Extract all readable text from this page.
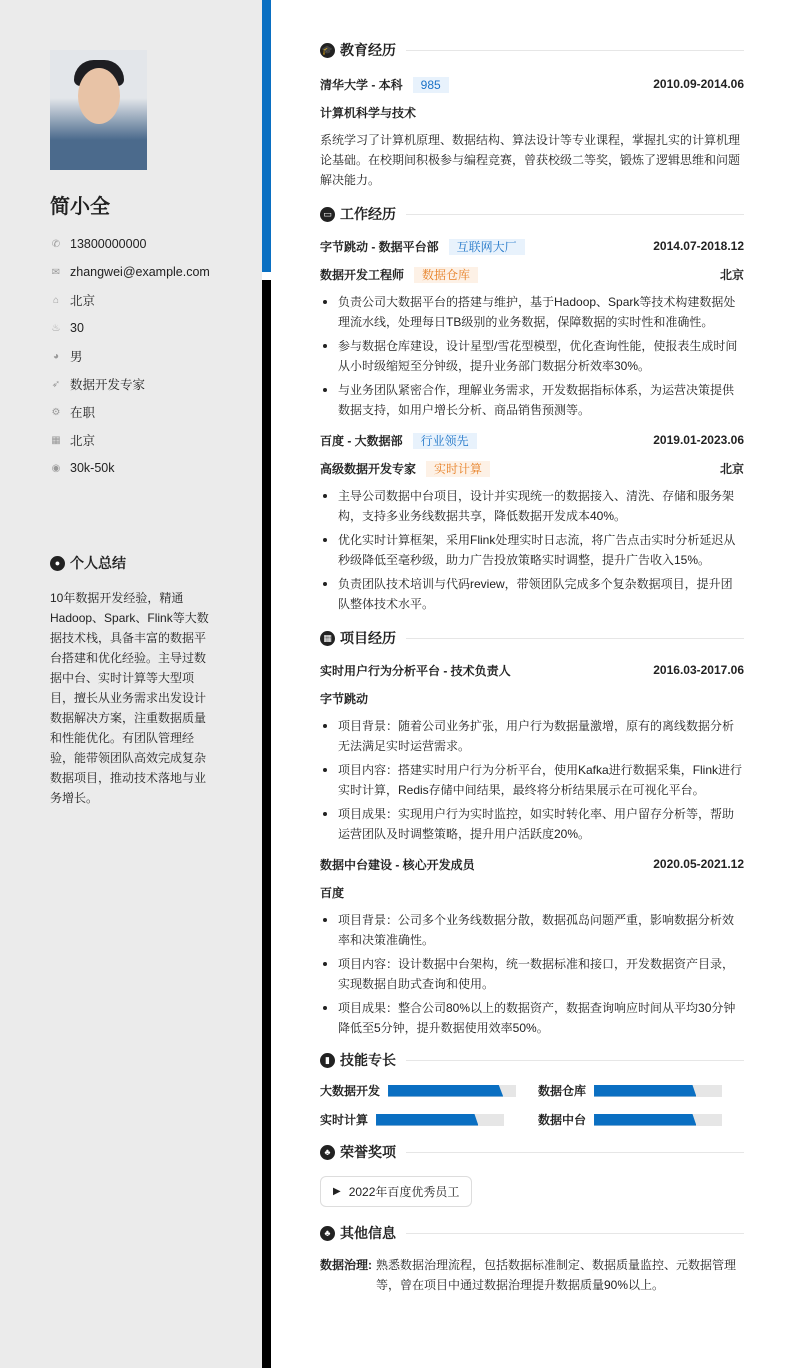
简小全
✆ 13800000000
✉ zhangwei@example.com
⌂ 北京
♨ 30
◕ 男
➶ 数据开发专家
⚙ 在职
▦ 北京
◉ 30k-50k
● 个人总结
10年数据开发经验，精通Hadoop、Spark、Flink等大数据技术栈，具备丰富的数据平台搭建和优化经验。主导过数据中台、实时计算等大型项目，擅长从业务需求出发设计数据解决方案，注重数据质量和性能优化。有团队管理经验，能带领团队高效完成复杂数据项目，推动技术落地与业务增长。
🎓 教育经历
清华大学 - 本科 985	2010.09-2014.06
计算机科学与技术
系统学习了计算机原理、数据结构、算法设计等专业课程，掌握扎实的计算机理论基础。在校期间积极参与编程竞赛，曾获校级二等奖，锻炼了逻辑思维和问题解决能力。
▭ 工作经历
字节跳动 - 数据平台部 互联网大厂	2014.07-2018.12
数据开发工程师 数据仓库	北京
负责公司大数据平台的搭建与维护，基于Hadoop、Spark等技术构建数据处理流水线，处理每日TB级别的业务数据，保障数据的实时性和准确性。
参与数据仓库建设，设计星型/雪花型模型，优化查询性能，使报表生成时间从小时级缩短至分钟级，提升业务部门数据分析效率30%。
与业务团队紧密合作，理解业务需求，开发数据指标体系，为运营决策提供数据支持，如用户增长分析、商品销售预测等。
百度 - 大数据部 行业领先	2019.01-2023.06
高级数据开发专家 实时计算	北京
主导公司数据中台项目，设计并实现统一的数据接入、清洗、存储和服务架构，支持多业务线数据共享，降低数据开发成本40%。
优化实时计算框架，采用Flink处理实时日志流，将广告点击实时分析延迟从秒级降低至毫秒级，助力广告投放策略实时调整，提升广告收入15%。
负责团队技术培训与代码review，带领团队完成多个复杂数据项目，提升团队整体技术水平。
▦ 项目经历
实时用户行为分析平台 - 技术负责人	2016.03-2017.06
字节跳动
项目背景：随着公司业务扩张，用户行为数据量激增，原有的离线数据分析无法满足实时运营需求。
项目内容：搭建实时用户行为分析平台，使用Kafka进行数据采集，Flink进行实时计算，Redis存储中间结果，最终将分析结果展示在可视化平台。
项目成果：实现用户行为实时监控，如实时转化率、用户留存分析等，帮助运营团队及时调整策略，提升用户活跃度20%。
数据中台建设 - 核心开发成员	2020.05-2021.12
百度
项目背景：公司多个业务线数据分散，数据孤岛问题严重，影响数据分析效率和决策准确性。
项目内容：设计数据中台架构，统一数据标准和接口，开发数据资产目录，实现数据自助式查询和使用。
项目成果：整合公司80%以上的数据资产，数据查询响应时间从平均30分钟降低至5分钟，提升数据使用效率50%。
▮ 技能专长
大数据开发	数据仓库
实时计算	数据中台
♣ 荣誉奖项
▶ 2022年百度优秀员工
♣ 其他信息
数据治理: 熟悉数据治理流程，包括数据标准制定、数据质量监控、元数据管理等，曾在项目中通过数据治理提升数据质量90%以上。
